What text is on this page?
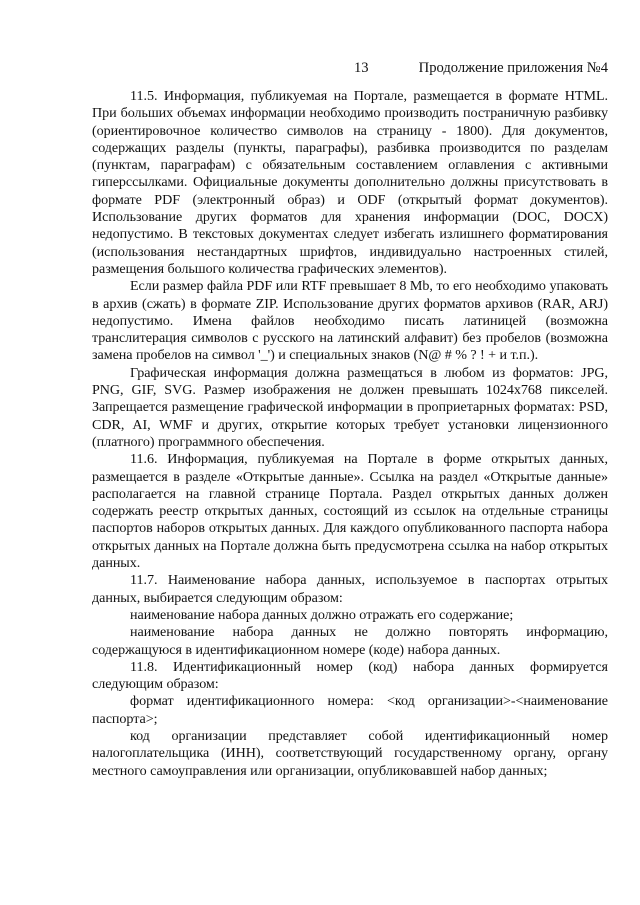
13	Продолжение приложения №4

11.5. Информация, публикуемая на Портале, размещается в формате HTML. При больших объемах информации необходимо производить постраничную разбивку (ориентировочное количество символов на страницу - 1800). Для документов, содержащих разделы (пункты, параграфы), разбивка производится по разделам (пунктам, параграфам) с обязательным составлением оглавления с активными гиперссылками. Официальные документы дополнительно должны присутствовать в формате PDF (электронный образ) и ODF (открытый формат документов). Использование других форматов для хранения информации (DOC, DOCX) недопустимо. В текстовых документах следует избегать излишнего форматирования (использования нестандартных шрифтов, индивидуально настроенных стилей, размещения большого количества графических элементов).

Если размер файла PDF или RTF превышает 8 Mb, то его необходимо упаковать в архив (сжать) в формате ZIP. Использование других форматов архивов (RAR, ARJ) недопустимо. Имена файлов необходимо писать латиницей (возможна транслитерация символов с русского на латинский алфавит) без пробелов (возможна замена пробелов на символ '_') и специальных знаков (N@ # % ? ! + и т.п.).

Графическая информация должна размещаться в любом из форматов: JPG, PNG, GIF, SVG. Размер изображения не должен превышать 1024x768 пикселей. Запрещается размещение графической информации в проприетарных форматах: PSD, CDR, AI, WMF и других, открытие которых требует установки лицензионного (платного) программного обеспечения.

11.6. Информация, публикуемая на Портале в форме открытых данных, размещается в разделе «Открытые данные». Ссылка на раздел «Открытые данные» располагается на главной странице Портала. Раздел открытых данных должен содержать реестр открытых данных, состоящий из ссылок на отдельные страницы паспортов наборов открытых данных. Для каждого опубликованного паспорта набора открытых данных на Портале должна быть предусмотрена ссылка на набор открытых данных.

11.7. Наименование набора данных, используемое в паспортах отрытых данных, выбирается следующим образом:

наименование набора данных должно отражать его содержание;

наименование набора данных не должно повторять информацию, содержащуюся в идентификационном номере (коде) набора данных.

11.8. Идентификационный номер (код) набора данных формируется следующим образом:

формат идентификационного номера: <код организации>-<наименование паспорта>;

код организации представляет собой идентификационный номер налогоплательщика (ИНН), соответствующий государственному органу, органу местного самоуправления или организации, опубликовавшей набор данных;
